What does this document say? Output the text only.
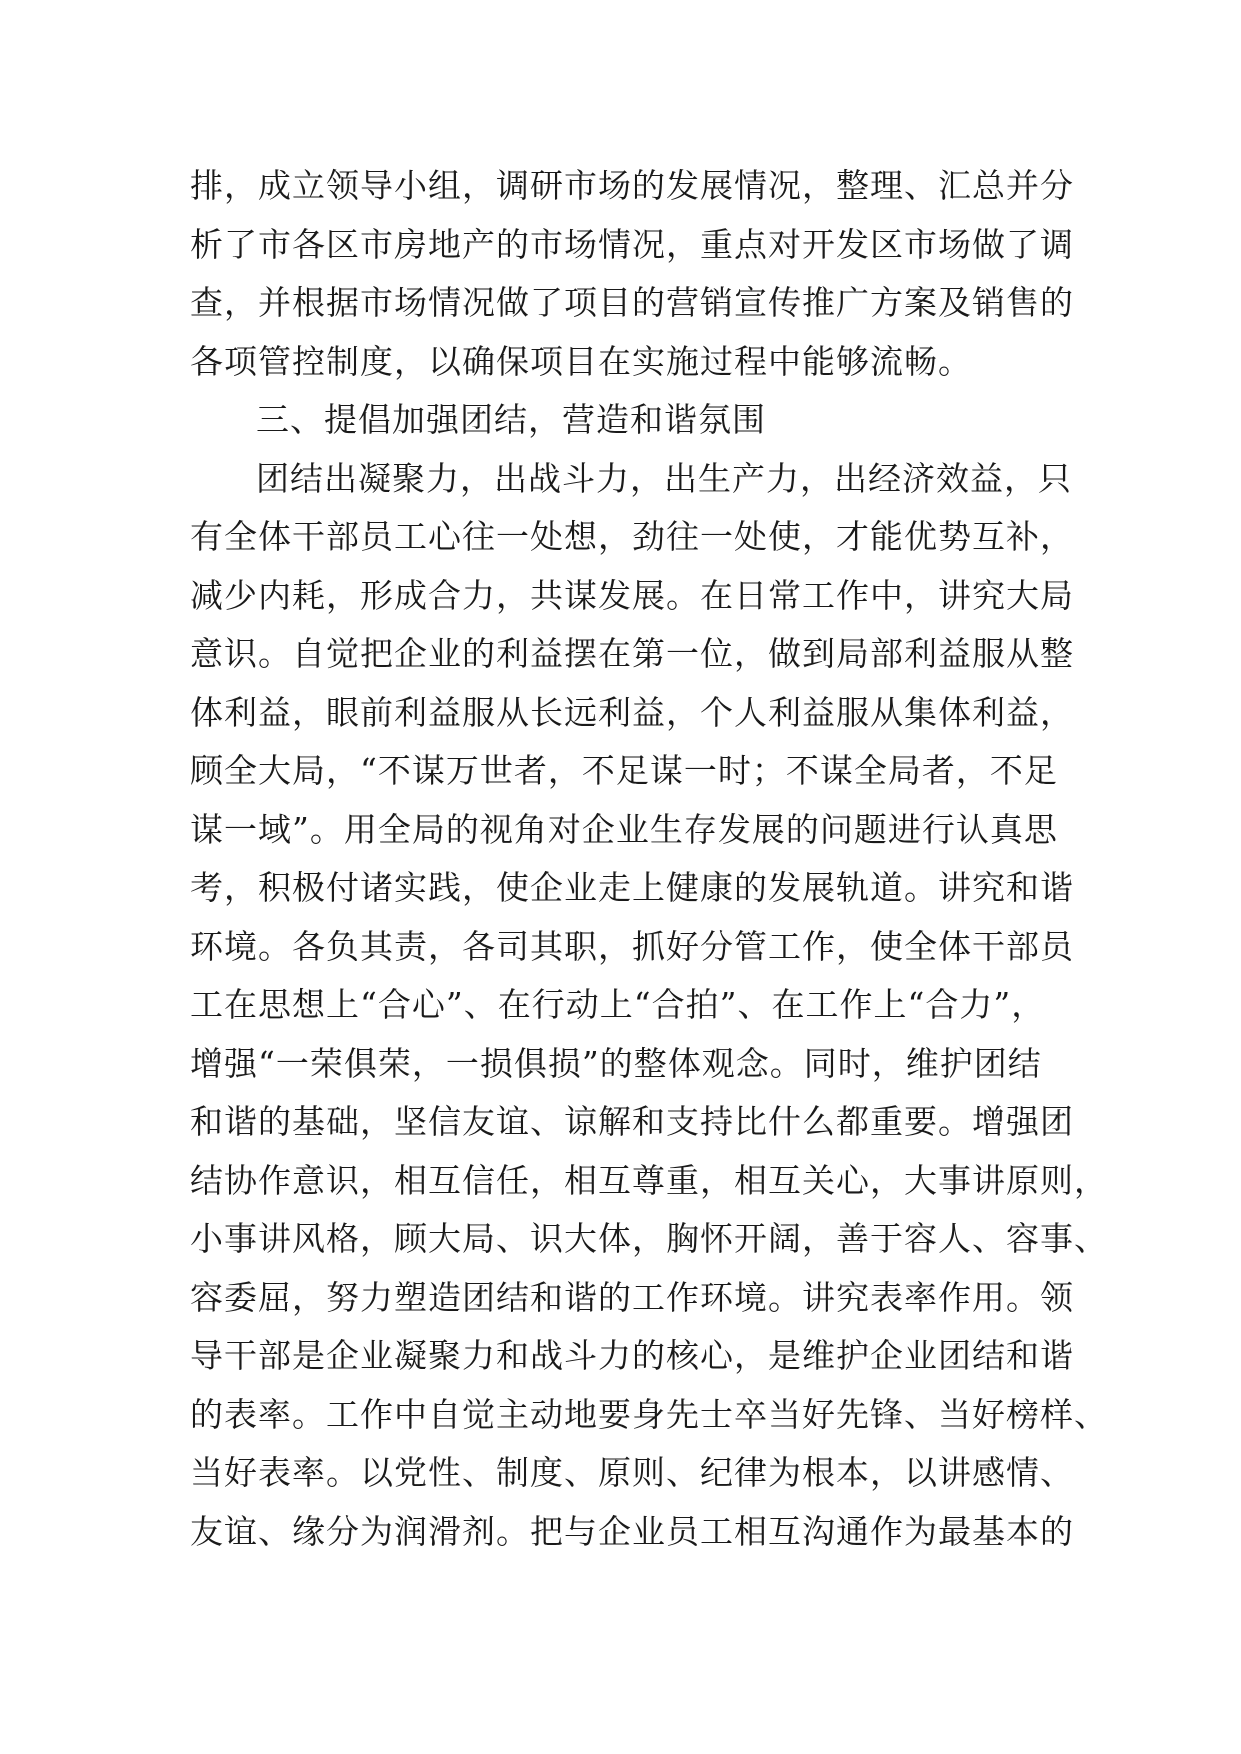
排，成立领导小组，调研市场的发展情况，整理、汇总并分
析了市各区市房地产的市场情况，重点对开发区市场做了调
查，并根据市场情况做了项目的营销宣传推广方案及销售的
各项管控制度，以确保项目在实施过程中能够流畅。
三、提倡加强团结，营造和谐氛围
团结出凝聚力，出战斗力，出生产力，出经济效益，只
有全体干部员工心往一处想，劲往一处使，才能优势互补，
减少内耗，形成合力，共谋发展。在日常工作中，讲究大局
意识。自觉把企业的利益摆在第一位，做到局部利益服从整
体利益，眼前利益服从长远利益，个人利益服从集体利益，
顾全大局，“不谋万世者，不足谋一时；不谋全局者，不足
谋一域”。用全局的视角对企业生存发展的问题进行认真思
考，积极付诸实践，使企业走上健康的发展轨道。讲究和谐
环境。各负其责，各司其职，抓好分管工作，使全体干部员
工在思想上“合心”、在行动上“合拍”、在工作上“合力”，
增强“一荣俱荣，一损俱损”的整体观念。同时，维护团结
和谐的基础，坚信友谊、谅解和支持比什么都重要。增强团
结协作意识，相互信任，相互尊重，相互关心，大事讲原则，
小事讲风格，顾大局、识大体，胸怀开阔，善于容人、容事、
容委屈，努力塑造团结和谐的工作环境。讲究表率作用。领
导干部是企业凝聚力和战斗力的核心，是维护企业团结和谐
的表率。工作中自觉主动地要身先士卒当好先锋、当好榜样、
当好表率。以党性、制度、原则、纪律为根本，以讲感情、
友谊、缘分为润滑剂。把与企业员工相互沟通作为最基本的
